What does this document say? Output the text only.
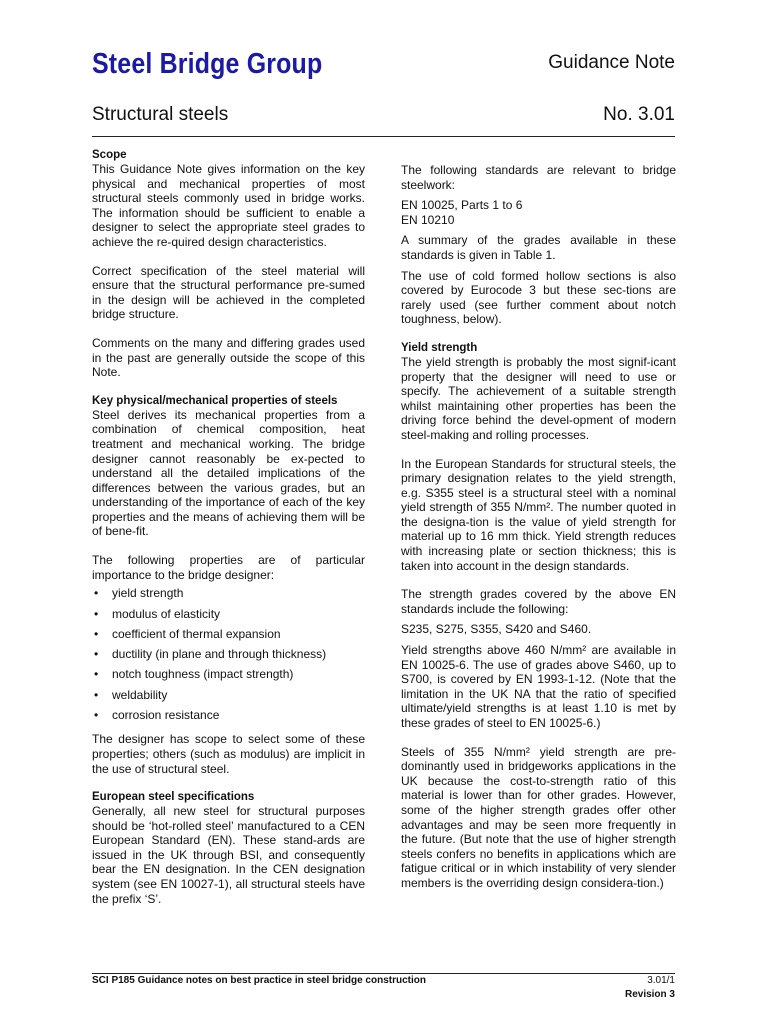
Steel Bridge Group	Guidance Note
Structural steels	No. 3.01
Scope

This Guidance Note gives information on the key physical and mechanical properties of most structural steels commonly used in bridge works. The information should be sufficient to enable a designer to select the appropriate steel grades to achieve the re-quired design characteristics.

Correct specification of the steel material will ensure that the structural performance pre-sumed in the design will be achieved in the completed bridge structure.

Comments on the many and differing grades used in the past are generally outside the scope of this Note.

Key physical/mechanical properties of steels

Steel derives its mechanical properties from a combination of chemical composition, heat treatment and mechanical working. The bridge designer cannot reasonably be ex-pected to understand all the detailed implications of the differences between the various grades, but an understanding of the importance of each of the key properties and the means of achieving them will be of bene-fit.

The following properties are of particular importance to the bridge designer:

• yield strength
• modulus of elasticity
• coefficient of thermal expansion
• ductility (in plane and through thickness)
• notch toughness (impact strength)
• weldability
• corrosion resistance

The designer has scope to select some of these properties; others (such as modulus) are implicit in the use of structural steel.

European steel specifications

Generally, all new steel for structural purposes should be ‘hot-rolled steel’ manufactured to a CEN European Standard (EN). These stand-ards are issued in the UK through BSI, and consequently bear the EN designation. In the CEN designation system (see EN 10027-1), all structural steels have the prefix ‘S’.

The following standards are relevant to bridge steelwork:

EN 10025, Parts 1 to 6

EN 10210

A summary of the grades available in these standards is given in Table 1.

The use of cold formed hollow sections is also covered by Eurocode 3 but these sec-tions are rarely used (see further comment about notch toughness, below).

Yield strength

The yield strength is probably the most signif-icant property that the designer will need to use or specify. The achievement of a suitable strength whilst maintaining other properties has been the driving force behind the devel-opment of modern steel-making and rolling processes.

In the European Standards for structural steels, the primary designation relates to the yield strength, e.g. S355 steel is a structural steel with a nominal yield strength of 355 N/mm². The number quoted in the designa-tion is the value of yield strength for material up to 16 mm thick. Yield strength reduces with increasing plate or section thickness; this is taken into account in the design standards.

The strength grades covered by the above EN standards include the following:

S235, S275, S355, S420 and S460.

Yield strengths above 460 N/mm² are available in EN 10025-6. The use of grades above S460, up to S700, is covered by EN 1993-1-12. (Note that the limitation in the UK NA that the ratio of specified ultimate/yield strengths is at least 1.10 is met by these grades of steel to EN 10025-6.)

Steels of 355 N/mm² yield strength are pre-dominantly used in bridgeworks applications in the UK because the cost-to-strength ratio of this material is lower than for other grades. However, some of the higher strength grades offer other advantages and may be seen more frequently in the future. (But note that the use of higher strength steels confers no benefits in applications which are fatigue critical or in which instability of very slender members is the overriding design considera-tion.)

SCI P185 Guidance notes on best practice in steel bridge construction	3.01/1
Revision 3
